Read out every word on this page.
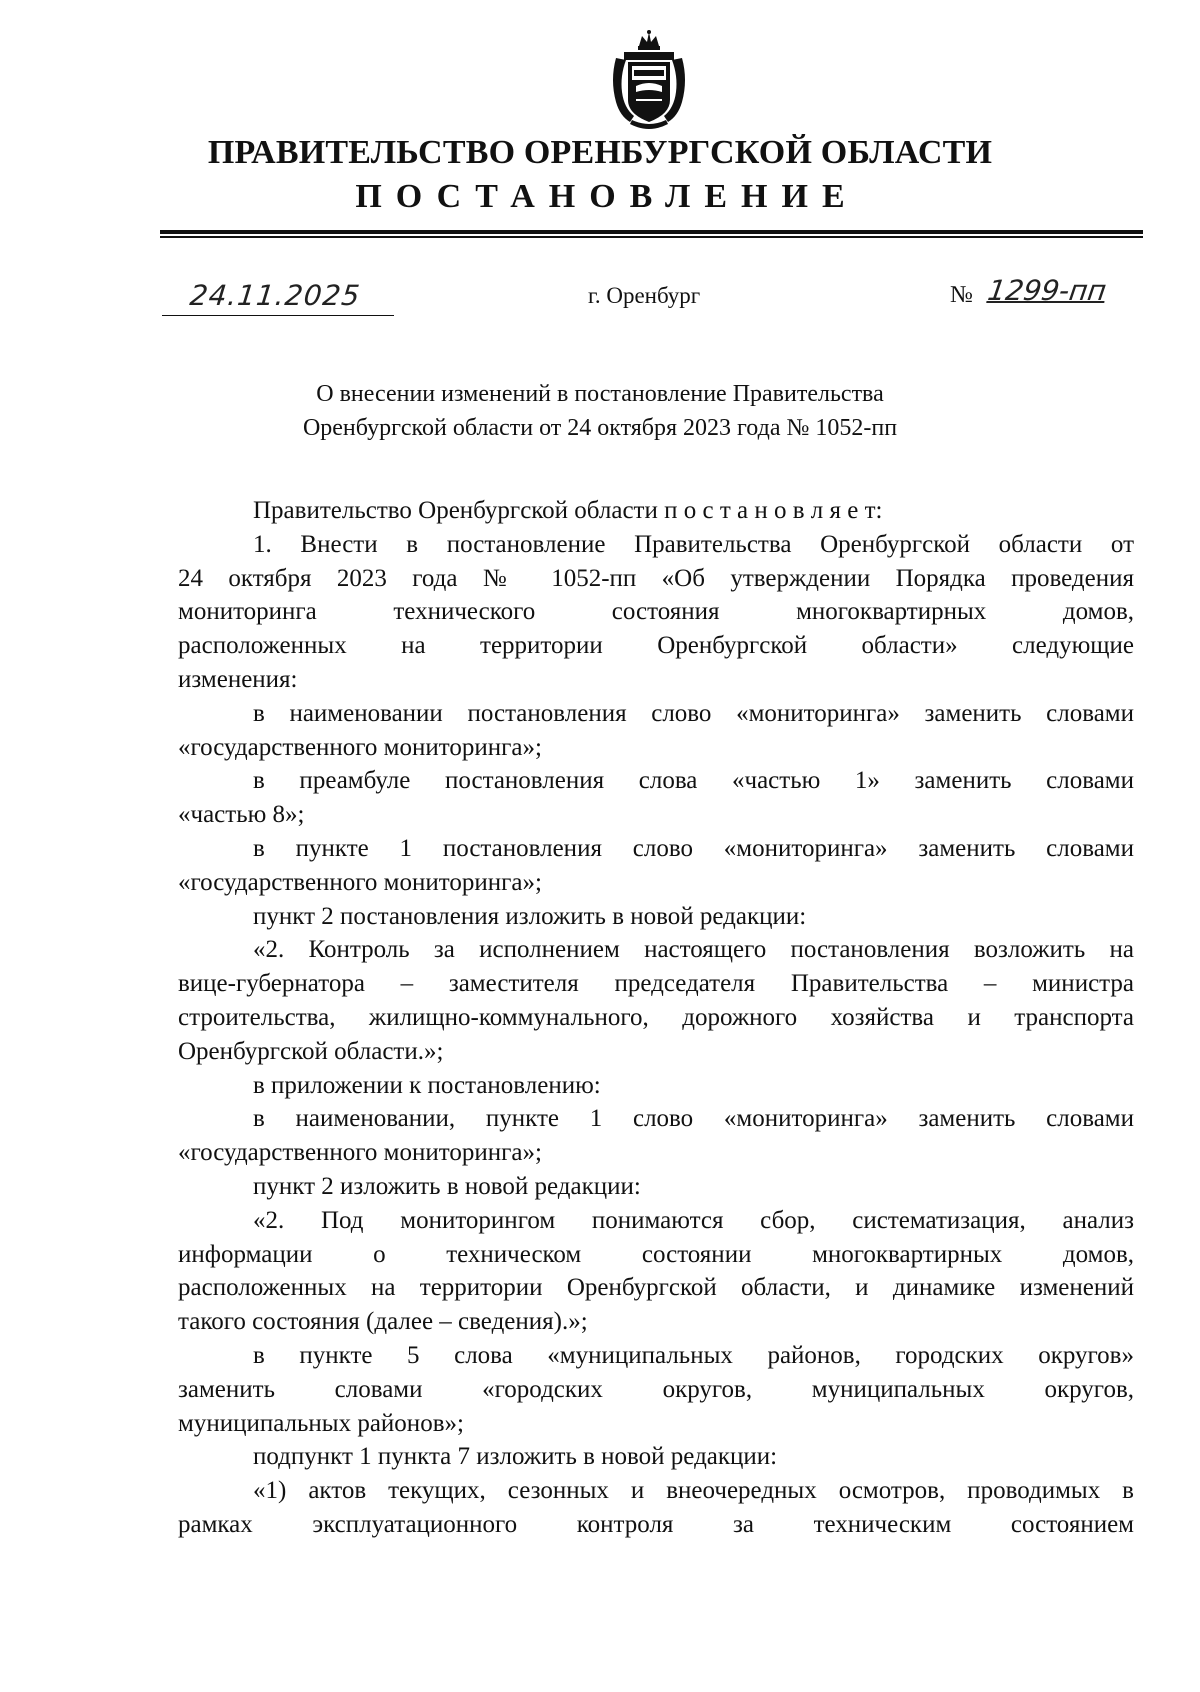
ПРАВИТЕЛЬСТВО ОРЕНБУРГСКОЙ ОБЛАСТИ
ПОСТАНОВЛЕНИЕ
24.11.2025	г. Оренбург	№ 1299-пп
О внесении изменений в постановление Правительства
Оренбургской области от 24 октября 2023 года № 1052-пп
Правительство Оренбургской области п о с т а н о в л я е т:
1. Внести в постановление Правительства Оренбургской области от
24 октября 2023 года № 1052-пп «Об утверждении Порядка проведения
мониторинга технического состояния многоквартирных домов,
расположенных на территории Оренбургской области» следующие
изменения:
в наименовании постановления слово «мониторинга» заменить словами
«государственного мониторинга»;
в преамбуле постановления слова «частью 1» заменить словами
«частью 8»;
в пункте 1 постановления слово «мониторинга» заменить словами
«государственного мониторинга»;
пункт 2 постановления изложить в новой редакции:
«2. Контроль за исполнением настоящего постановления возложить на
вице-губернатора – заместителя председателя Правительства – министра
строительства, жилищно-коммунального, дорожного хозяйства и транспорта
Оренбургской области.»;
в приложении к постановлению:
в наименовании, пункте 1 слово «мониторинга» заменить словами
«государственного мониторинга»;
пункт 2 изложить в новой редакции:
«2. Под мониторингом понимаются сбор, систематизация, анализ
информации о техническом состоянии многоквартирных домов,
расположенных на территории Оренбургской области, и динамике изменений
такого состояния (далее – сведения).»;
в пункте 5 слова «муниципальных районов, городских округов»
заменить словами «городских округов, муниципальных округов,
муниципальных районов»;
подпункт 1 пункта 7 изложить в новой редакции:
«1) актов текущих, сезонных и внеочередных осмотров, проводимых в
рамках эксплуатационного контроля за техническим состоянием
